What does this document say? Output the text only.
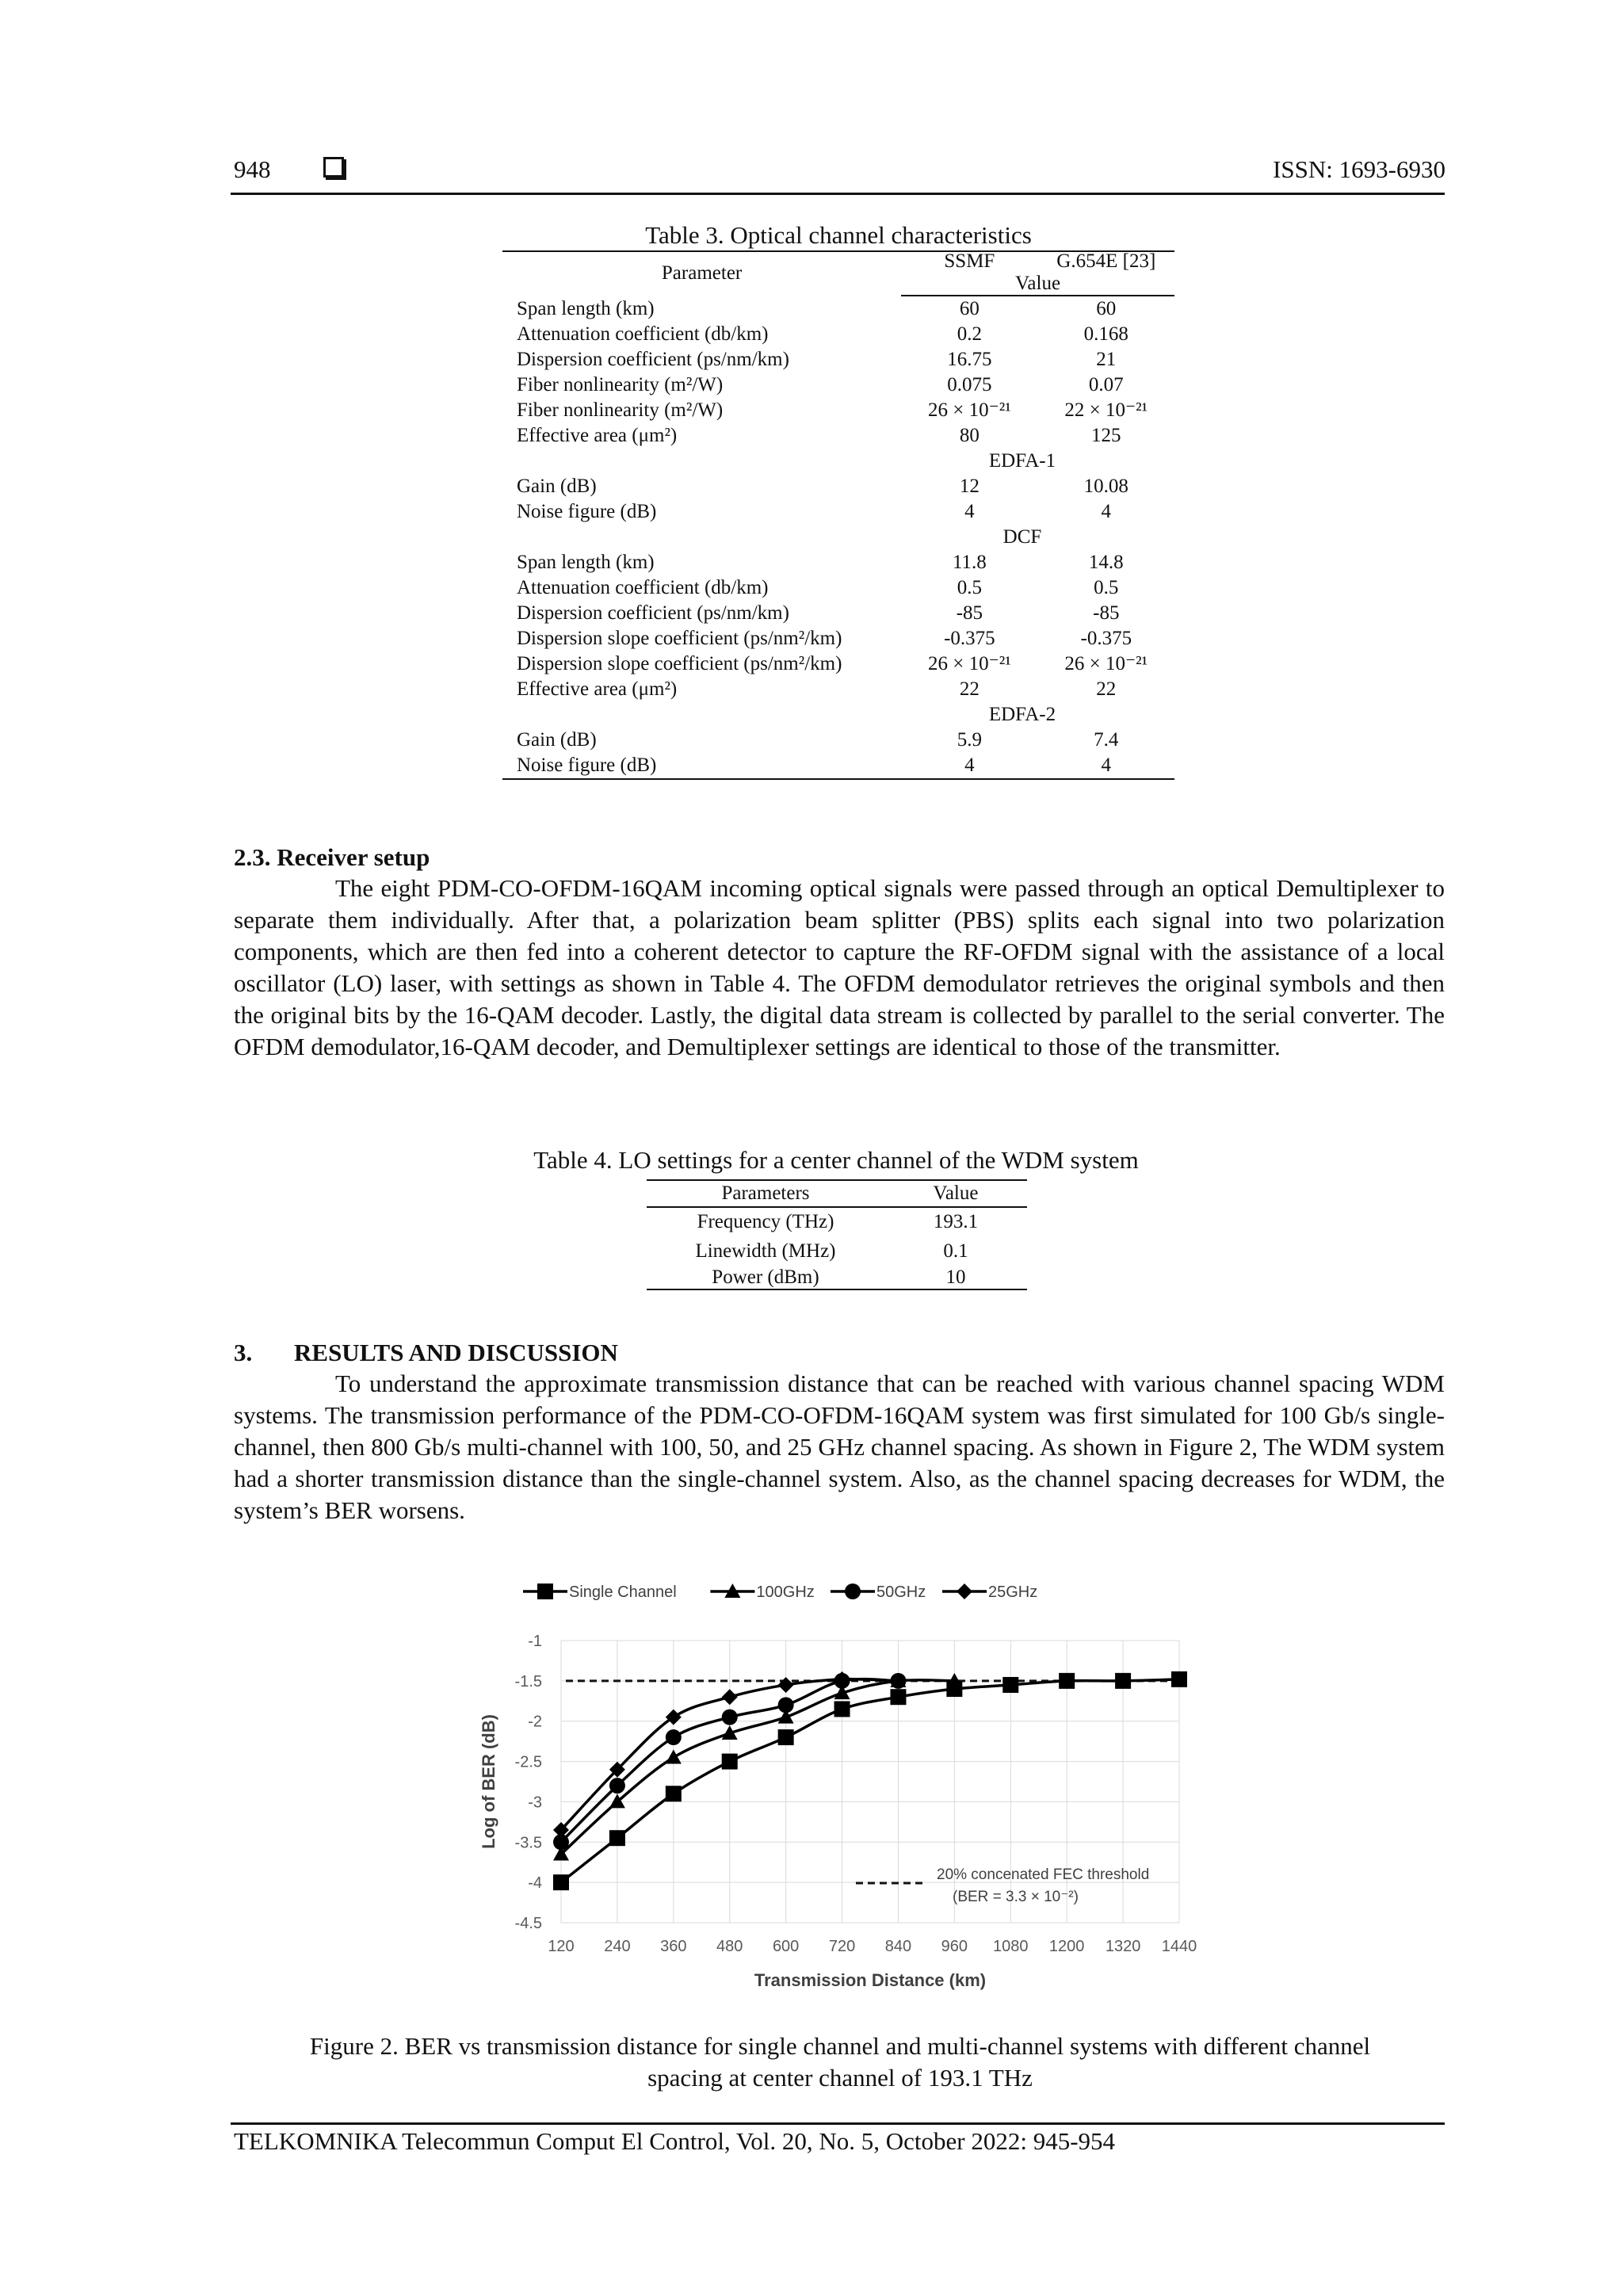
948	ISSN: 1693-6930
Table 3. Optical channel characteristics
Parameter	SSMF	G.654E [23]
	Value	
Span length (km)	60	60
Attenuation coefficient (db/km)	0.2	0.168
Dispersion coefficient (ps/nm/km)	16.75	21
Fiber nonlinearity (m²/W)	0.075	0.07
Fiber nonlinearity (m²/W)	26 × 10⁻²¹	22 × 10⁻²¹
Effective area (μm²)	80	125
EDFA-1		
Gain (dB)	12	10.08
Noise figure (dB)	4	4
DCF		
Span length (km)	11.8	14.8
Attenuation coefficient (db/km)	0.5	0.5
Dispersion coefficient (ps/nm/km)	-85	-85
Dispersion slope coefficient (ps/nm²/km)	-0.375	-0.375
Dispersion slope coefficient (ps/nm²/km)	26 × 10⁻²¹	26 × 10⁻²¹
Effective area (μm²)	22	22
EDFA-2		
Gain (dB)	5.9	7.4
Noise figure (dB)	4	4
2.3. Receiver setup
The eight PDM-CO-OFDM-16QAM incoming optical signals were passed through an optical Demultiplexer to separate them individually. After that, a polarization beam splitter (PBS) splits each signal into two polarization components, which are then fed into a coherent detector to capture the RF-OFDM signal with the assistance of a local oscillator (LO) laser, with settings as shown in Table 4. The OFDM demodulator retrieves the original symbols and then the original bits by the 16-QAM decoder. Lastly, the digital data stream is collected by parallel to the serial converter. The OFDM demodulator,16-QAM decoder, and Demultiplexer settings are identical to those of the transmitter.
Table 4. LO settings for a center channel of the WDM system
Parameters	Value
Frequency (THz)	193.1
Linewidth (MHz)	0.1
Power (dBm)	10
3. RESULTS AND DISCUSSION
To understand the approximate transmission distance that can be reached with various channel spacing WDM systems. The transmission performance of the PDM-CO-OFDM-16QAM system was first simulated for 100 Gb/s single-channel, then 800 Gb/s multi-channel with 100, 50, and 25 GHz channel spacing. As shown in Figure 2, The WDM system had a shorter transmission distance than the single-channel system. Also, as the channel spacing decreases for WDM, the system’s BER worsens.
120 240 360 480 600 720 840 960 1080 1200 1320 1440
-1
-1.5
-2
-2.5
-3
-3.5
-4
-4.5
Transmission Distance (km)
Log of BER (dB)
20% concenated FEC threshold
(BER = 3.3 × 10⁻²)
Single Channel	100GHz	50GHz	25GHz
Figure 2. BER vs transmission distance for single channel and multi-channel systems with different channel
spacing at center channel of 193.1 THz
TELKOMNIKA Telecommun Comput El Control, Vol. 20, No. 5, October 2022: 945-954
